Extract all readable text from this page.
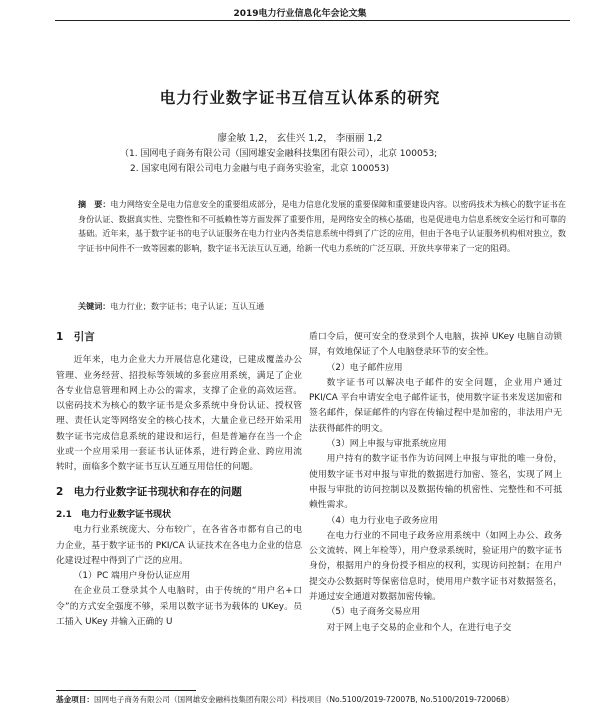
2019电力行业信息化年会论文集
电力行业数字证书互信互认体系的研究
廖金敏 1,2， 玄佳兴 1,2， 李丽丽 1,2
（1. 国网电子商务有限公司（国网雄安金融科技集团有限公司），北京 100053;
2. 国家电网有限公司电力金融与电子商务实验室，北京 100053)
摘　要：电力网络安全是电力信息安全的重要组成部分，是电力信息化发展的重要保障和重要建设内容。以密码技术为核心的数字证书在身份认证、数据真实性、完整性和不可抵赖性等方面发挥了重要作用，是网络安全的核心基础，也是促进电力信息系统安全运行和可靠的基础。近年来，基于数字证书的电子认证服务在电力行业内各类信息系统中得到了广泛的应用，但由于各电子认证服务机构相对独立，数字证书中间件不一致等因素的影响，数字证书无法互认互通，给新一代电力系统的广泛互联、开放共享带来了一定的阻碍。
关键词：电力行业；数字证书；电子认证；互认互通
1　引言

近年来，电力企业大力开展信息化建设，已建成覆盖办公管理、业务经营、招投标等领域的多套应用系统，满足了企业各专业信息管理和网上办公的需求，支撑了企业的高效运营。以密码技术为核心的数字证书是众多系统中身份认证、授权管理、责任认定等网络安全的核心技术，大量企业已经开始采用数字证书完成信息系统的建设和运行，但是普遍存在当一个企业或一个应用采用一套证书认证体系，进行跨企业、跨应用流转时，面临多个数字证书互认互通互用信任的问题。

2　电力行业数字证书现状和存在的问题
2.1　电力行业数字证书现状

电力行业系统庞大、分布较广，在各省各市都有自己的电力企业，基于数字证书的 PKI/CA 认证技术在各电力企业的信息化建设过程中得到了广泛的应用。

（1）PC 端用户身份认证应用

在企业员工登录其个人电脑时，由于传统的“用户名+口令”的方式安全强度不够，采用以数字证书为载体的 UKey。员工插入 UKey 并输入正确的 U

盾口令后，便可安全的登录到个人电脑，拔掉 UKey 电脑自动锁屏，有效地保证了个人电脑登录环节的安全性。

（2）电子邮件应用

数字证书可以解决电子邮件的安全问题，企业用户通过 PKI/CA 平台申请安全电子邮件证书，使用数字证书来发送加密和签名邮件，保证邮件的内容在传输过程中是加密的，非法用户无法获得邮件的明文。

（3）网上申报与审批系统应用

用户持有的数字证书作为访问网上申报与审批的唯一身份，使用数字证书对申报与审批的数据进行加密、签名，实现了网上申报与审批的访问控制以及数据传输的机密性、完整性和不可抵赖性需求。

（4）电力行业电子政务应用

在电力行业的不同电子政务应用系统中（如网上办公、政务公文流转、网上年检等），用户登录系统时，验证用户的数字证书身份，根据用户的身份授予相应的权利，实现访问控制；在用户提交办公数据时等保密信息时，使用用户数字证书对数据签名，并通过安全通道对数据加密传输。

（5）电子商务交易应用

对于网上电子交易的企业和个人，在进行电子交

基金项目：国网电子商务有限公司（国网雄安金融科技集团有限公司）科技项目（No.5100/2019-72007B, No.5100/2019-72006B）
